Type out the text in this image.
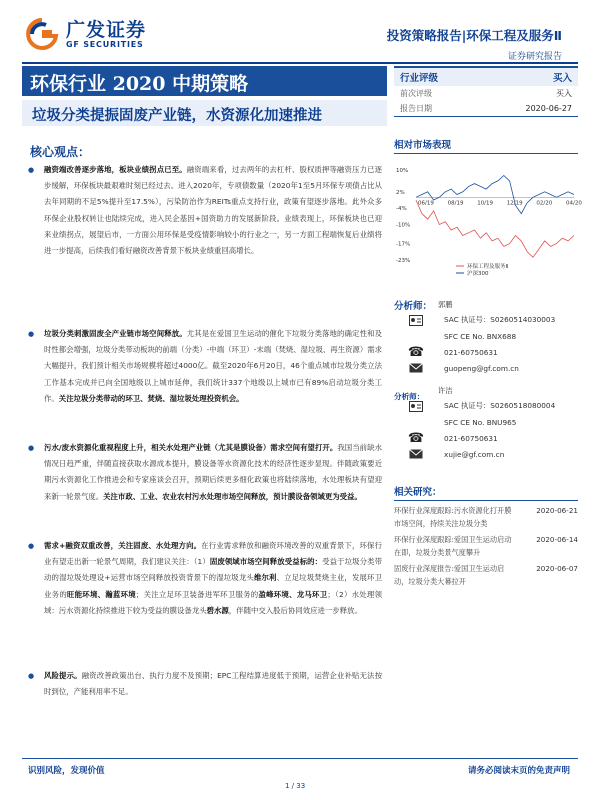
广发证券
GF SECURITIES
投资策略报告|环保工程及服务Ⅱ
证券研究报告
环保行业 2020 中期策略
垃圾分类提振固废产业链，水资源化加速推进
核心观点：
● 融资端改善逐步落地，板块业绩拐点已至。融资端来看，过去两年的去杠杆、股权质押等融资压力已逐步缓解，环保板块最艰难时刻已经过去。进入2020年，专项债数量（2020年1至5月环保专项债占比从去年同期的不足5%提升至17.5%），污染防治作为REITs重点支持行业，政策有望逐步落地。此外众多环保企业股权转让也陆续完成，进入民企基因+国资助力的发展新阶段。业绩表现上，环保板块也已迎来业绩拐点，展望后市，一方面公用环保是受疫情影响较小的行业之一，另一方面工程端恢复后业绩将进一步提高，后续我们看好融资改善背景下板块业绩重回高增长。
● 垃圾分类刺激固废全产业链市场空间释放。尤其是在爱国卫生运动的催化下垃圾分类落地的确定性和及时性都会增强，垃圾分类带动板块的前端（分类）-中端（环卫）-末端（焚烧、湿垃圾、再生资源）需求大幅提升，我们预计相关市场规模将超过4000亿。截至2020年6月20日，46个重点城市垃圾分类立法工作基本完成并已向全国地级以上城市延伸，我们统计337个地级以上城市已有89%启动垃圾分类工作。关注垃圾分类带动的环卫、焚烧、湿垃圾处理投资机会。
● 污水/废水资源化重视程度上升，相关水处理产业链（尤其是膜设备）需求空间有望打开。我国当前缺水情况日趋严重，伴随直接获取水源成本提升，膜设备等水资源化技术的经济性逐步显现。伴随政策要近期污水资源化工作推进会和专家座谈会召开，预期后续更多细化政策也将陆续落地，水处理板块有望迎来新一轮景气度。关注市政、工业、农业农村污水处理市场空间释放，预计膜设备领域更为受益。
● 需求+融资双重改善，关注固废、水处理方向。在行业需求释放和融资环境改善的双重背景下，环保行业有望走出新一轮景气周期，我们建议关注：（1）固废领域市场空间释放受益标的：受益于垃圾分类带动的湿垃圾处理设+运营市场空间释放投资背景下的湿垃圾龙头维尔利、立足垃圾焚烧主业，发展环卫业务的旺能环境、瀚蓝环境；关注立足环卫装备进军环卫服务的盈峰环境、龙马环卫；（2）水处理领域：污水资源化持续推进下较为受益的膜设备龙头碧水源，伴随中交入股后协同效应进一步释放。
● 风险提示。融资改善政策出台、执行力度不及预期；EPC工程结算进度低于预期，运营企业补贴无法按时到位，产能利用率不足。
行业评级	买入
前次评级	买入
报告日期	2020-06-27
相对市场表现
10%
2%
-4%
-10%
-17%
-23%
06/19 08/19 10/19 12/19 02/20 04/20
环保工程及服务Ⅱ
沪深300
分析师： 郭鹏
SAC 执证号：S0260514030003
SFC CE No. BNX688
☎	021-60750631
guopeng@gf.com.cn
许洁
SAC 执证号：S0260518080004
SFC CE No. BNU965
☎	021-60750631
xujie@gf.com.cn
分析师：
相关研究：
环保行业深度跟踪:污水资源化打开膜市场空间，持续关注垃圾分类
2020-06-21
环保行业深度跟踪:爱国卫生运动启动在即，垃圾分类景气度攀升
2020-06-14
固废行业深度报告:爱国卫生运动启动，垃圾分类大幕拉开
2020-06-07
识别风险，发现价值	请务必阅读末页的免责声明
1 / 33
